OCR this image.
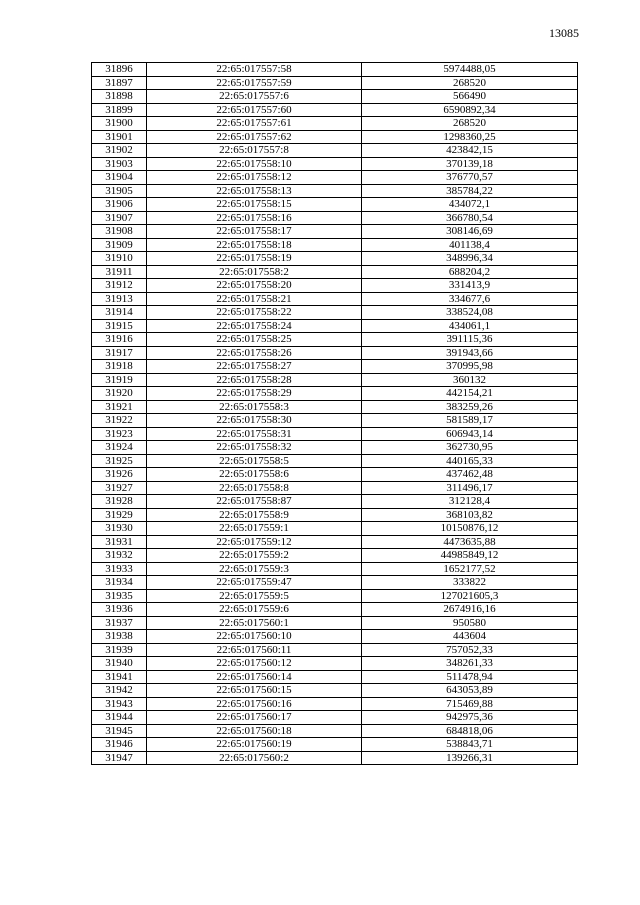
13085
31896	22:65:017557:58	5974488,05
31897	22:65:017557:59	268520
31898	22:65:017557:6	566490
31899	22:65:017557:60	6590892,34
31900	22:65:017557:61	268520
31901	22:65:017557:62	1298360,25
31902	22:65:017557:8	423842,15
31903	22:65:017558:10	370139,18
31904	22:65:017558:12	376770,57
31905	22:65:017558:13	385784,22
31906	22:65:017558:15	434072,1
31907	22:65:017558:16	366780,54
31908	22:65:017558:17	308146,69
31909	22:65:017558:18	401138,4
31910	22:65:017558:19	348996,34
31911	22:65:017558:2	688204,2
31912	22:65:017558:20	331413,9
31913	22:65:017558:21	334677,6
31914	22:65:017558:22	338524,08
31915	22:65:017558:24	434061,1
31916	22:65:017558:25	391115,36
31917	22:65:017558:26	391943,66
31918	22:65:017558:27	370995,98
31919	22:65:017558:28	360132
31920	22:65:017558:29	442154,21
31921	22:65:017558:3	383259,26
31922	22:65:017558:30	581589,17
31923	22:65:017558:31	606943,14
31924	22:65:017558:32	362730,95
31925	22:65:017558:5	440165,33
31926	22:65:017558:6	437462,48
31927	22:65:017558:8	311496,17
31928	22:65:017558:87	312128,4
31929	22:65:017558:9	368103,82
31930	22:65:017559:1	10150876,12
31931	22:65:017559:12	4473635,88
31932	22:65:017559:2	44985849,12
31933	22:65:017559:3	1652177,52
31934	22:65:017559:47	333822
31935	22:65:017559:5	127021605,3
31936	22:65:017559:6	2674916,16
31937	22:65:017560:1	950580
31938	22:65:017560:10	443604
31939	22:65:017560:11	757052,33
31940	22:65:017560:12	348261,33
31941	22:65:017560:14	511478,94
31942	22:65:017560:15	643053,89
31943	22:65:017560:16	715469,88
31944	22:65:017560:17	942975,36
31945	22:65:017560:18	684818,06
31946	22:65:017560:19	538843,71
31947	22:65:017560:2	139266,31
